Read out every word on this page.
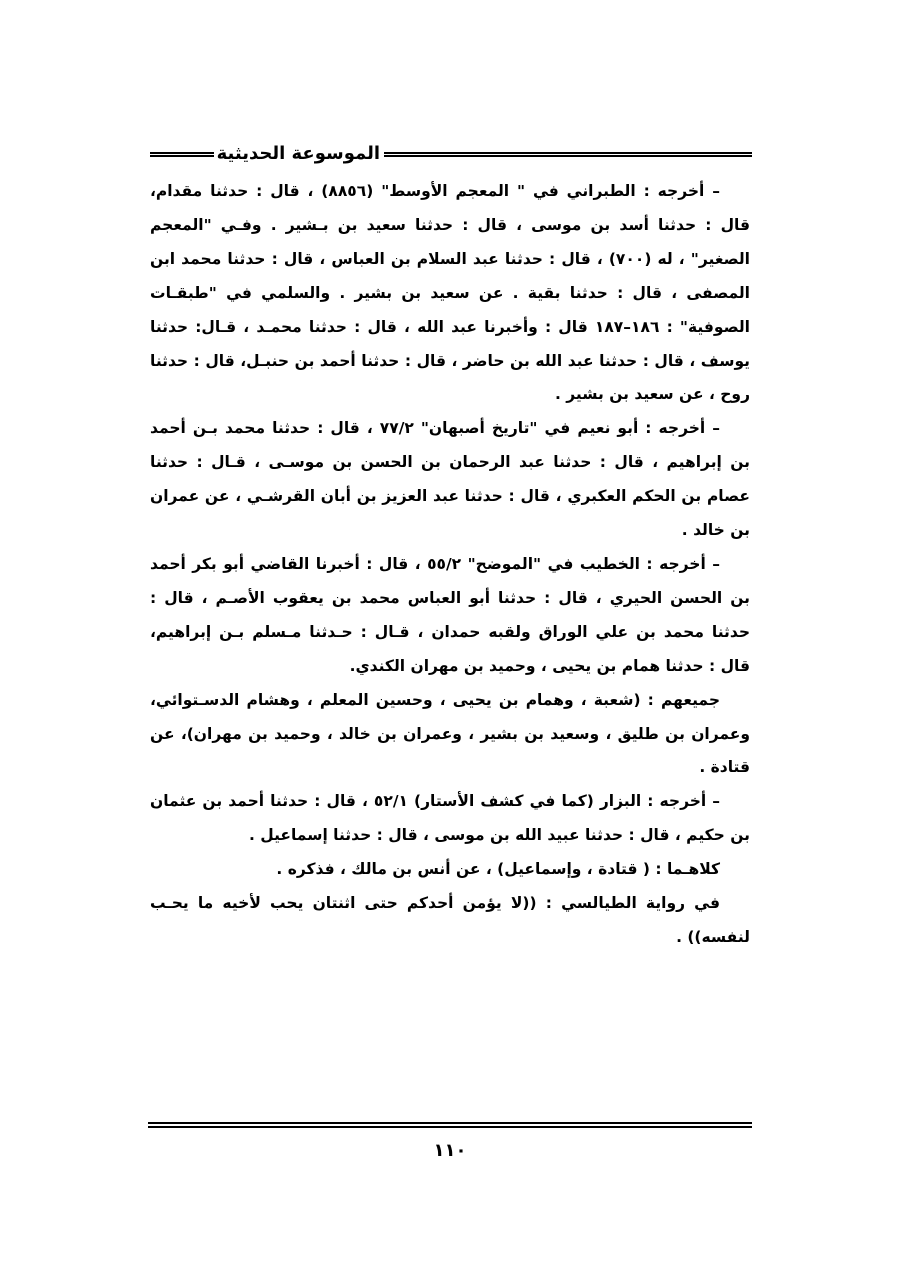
الموسوعة الحديثية

– أخرجه : الطبراني في " المعجم الأوسط" (٨٨٥٦) ، قال : حدثنا مقدام، قال : حدثنا أسد بن موسى ، قال : حدثنا سعيد بن بـشير . وفـي "المعجم الصغير" ، له (٧٠٠) ، قال : حدثنا عبد السلام بن العباس ، قال : حدثنا محمد ابن المصفى ، قال : حدثنا بقية . عن سعيد بن بشير . والسلمي في "طبقـات الصوفية" : ١٨٦–١٨٧ قال : وأخبرنا عبد الله ، قال : حدثنا محمـد ، قـال: حدثنا يوسف ، قال : حدثنا عبد الله بن حاضر ، قال : حدثنا أحمد بن حنبـل، قال : حدثنا روح ، عن سعيد بن بشير .

– أخرجه : أبو نعيم في "تاريخ أصبهان" ٧٧/٢ ، قال : حدثنا محمد بـن أحمد بن إبراهيم ، قال : حدثنا عبد الرحمان بن الحسن بن موسـى ، قـال : حدثنا عصام بن الحكم العكبري ، قال : حدثنا عبد العزيز بن أبان القرشـي ، عن عمران بن خالد .

– أخرجه : الخطيب في "الموضح" ٥٥/٢ ، قال : أخبرنا القاضي أبو بكر أحمد بن الحسن الحيري ، قال : حدثنا أبو العباس محمد بن يعقوب الأصـم ، قال : حدثنا محمد بن علي الوراق ولقبه حمدان ، قـال : حـدثنا مـسلم بـن إبراهيم، قال : حدثنا همام بن يحيى ، وحميد بن مهران الكندي.

جميعهم : (شعبة ، وهمام بن يحيى ، وحسين المعلم ، وهشام الدسـتوائي، وعمران بن طليق ، وسعيد بن بشير ، وعمران بن خالد ، وحميد بن مهران)، عن قتادة .

– أخرجه : البزار (كما في كشف الأستار) ٥٢/١ ، قال : حدثنا أحمد بن عثمان بن حكيم ، قال : حدثنا عبيد الله بن موسى ، قال : حدثنا إسماعيل .

كلاهـما : ( قتادة ، وإسماعيل) ، عن أنس بن مالك ، فذكره .

في رواية الطيالسي : ((لا يؤمن أحدكم حتى اثنتان يحب لأخيه ما يحـب لنفسه)) .

١١٠
